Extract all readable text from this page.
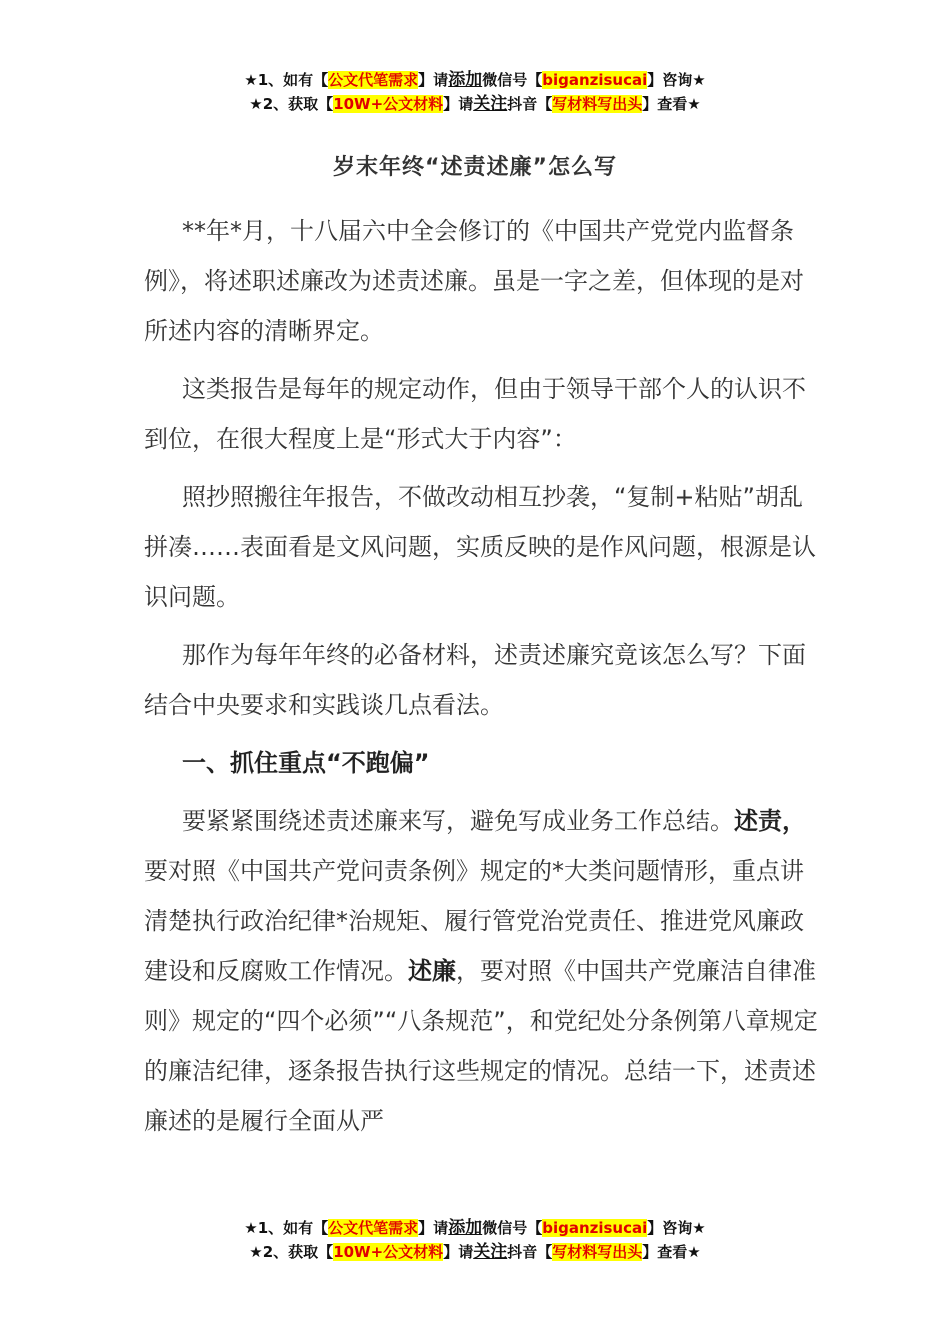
★1、如有【公文代笔需求】请添加微信号【biganzisucai】咨询★
★2、获取【10W+公文材料】请关注抖音【写材料写出头】查看★
岁末年终“述责述廉”怎么写

**年*月，十八届六中全会修订的《中国共产党党内监督条例》，将述职述廉改为述责述廉。虽是一字之差，但体现的是对所述内容的清晰界定。

这类报告是每年的规定动作，但由于领导干部个人的认识不到位，在很大程度上是“形式大于内容”：

照抄照搬往年报告，不做改动相互抄袭，“复制+粘贴”胡乱拼凑……表面看是文风问题，实质反映的是作风问题，根源是认识问题。

那作为每年年终的必备材料，述责述廉究竟该怎么写？下面结合中央要求和实践谈几点看法。

一、抓住重点“不跑偏”

要紧紧围绕述责述廉来写，避免写成业务工作总结。述责，要对照《中国共产党问责条例》规定的*大类问题情形，重点讲清楚执行政治纪律*治规矩、履行管党治党责任、推进党风廉政建设和反腐败工作情况。述廉，要对照《中国共产党廉洁自律准则》规定的“四个必须”“八条规范”，和党纪处分条例第八章规定的廉洁纪律，逐条报告执行这些规定的情况。总结一下，述责述廉述的是履行全面从严

★1、如有【公文代笔需求】请添加微信号【biganzisucai】咨询★
★2、获取【10W+公文材料】请关注抖音【写材料写出头】查看★
